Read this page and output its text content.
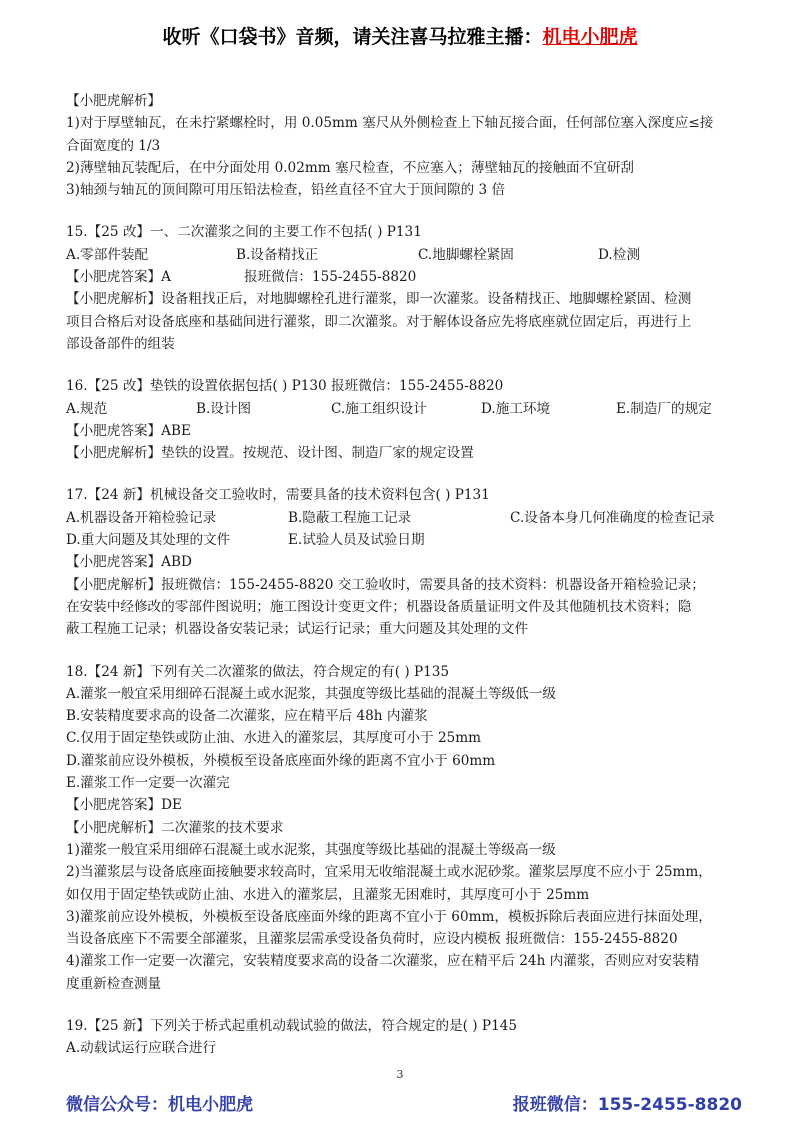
收听《口袋书》音频，请关注喜马拉雅主播：机电小肥虎

【小肥虎解析】

1)对于厚壁轴瓦，在未拧紧螺栓时，用 0.05mm 塞尺从外侧检查上下轴瓦接合面，任何部位塞入深度应≤接

合面宽度的 1/3

2)薄壁轴瓦装配后，在中分面处用 0.02mm 塞尺检查，不应塞入；薄壁轴瓦的接触面不宜研刮

3)轴颈与轴瓦的顶间隙可用压铅法检查，铅丝直径不宜大于顶间隙的 3 倍

15.【25 改】一、二次灌浆之间的主要工作不包括( ) P131

A.零部件装配	B.设备精找正	C.地脚螺栓紧固	D.检测

【小肥虎答案】A	报班微信：155-2455-8820

【小肥虎解析】设备粗找正后，对地脚螺栓孔进行灌浆，即一次灌浆。设备精找正、地脚螺栓紧固、检测

项目合格后对设备底座和基础间进行灌浆，即二次灌浆。对于解体设备应先将底座就位固定后，再进行上

部设备部件的组装

16.【25 改】垫铁的设置依据包括( ) P130 报班微信：155-2455-8820

A.规范	B.设计图	C.施工组织设计	D.施工环境	E.制造厂的规定

【小肥虎答案】ABE

【小肥虎解析】垫铁的设置。按规范、设计图、制造厂家的规定设置

17.【24 新】机械设备交工验收时，需要具备的技术资料包含( ) P131

A.机器设备开箱检验记录	B.隐蔽工程施工记录	C.设备本身几何准确度的检查记录

D.重大问题及其处理的文件	E.试验人员及试验日期

【小肥虎答案】ABD

【小肥虎解析】报班微信：155-2455-8820 交工验收时，需要具备的技术资料：机器设备开箱检验记录；

在安装中经修改的零部件图说明；施工图设计变更文件；机器设备质量证明文件及其他随机技术资料；隐

蔽工程施工记录；机器设备安装记录；试运行记录；重大问题及其处理的文件

18.【24 新】下列有关二次灌浆的做法，符合规定的有( ) P135

A.灌浆一般宜采用细碎石混凝土或水泥浆，其强度等级比基础的混凝土等级低一级

B.安装精度要求高的设备二次灌浆，应在精平后 48h 内灌浆

C.仅用于固定垫铁或防止油、水进入的灌浆层，其厚度可小于 25mm

D.灌浆前应设外模板，外模板至设备底座面外缘的距离不宜小于 60mm

E.灌浆工作一定要一次灌完

【小肥虎答案】DE

【小肥虎解析】二次灌浆的技术要求

1)灌浆一般宜采用细碎石混凝土或水泥浆，其强度等级比基础的混凝土等级高一级

2)当灌浆层与设备底座面接触要求较高时，宜采用无收缩混凝土或水泥砂浆。灌浆层厚度不应小于 25mm，

如仅用于固定垫铁或防止油、水进入的灌浆层，且灌浆无困难时，其厚度可小于 25mm

3)灌浆前应设外模板，外模板至设备底座面外缘的距离不宜小于 60mm，模板拆除后表面应进行抹面处理，

当设备底座下不需要全部灌浆，且灌浆层需承受设备负荷时，应设内模板 报班微信：155-2455-8820

4)灌浆工作一定要一次灌完，安装精度要求高的设备二次灌浆，应在精平后 24h 内灌浆，否则应对安装精

度重新检查测量

19.【25 新】下列关于桥式起重机动载试验的做法，符合规定的是( ) P145

A.动载试运行应联合进行

3
微信公众号：机电小肥虎	报班微信：155-2455-8820
